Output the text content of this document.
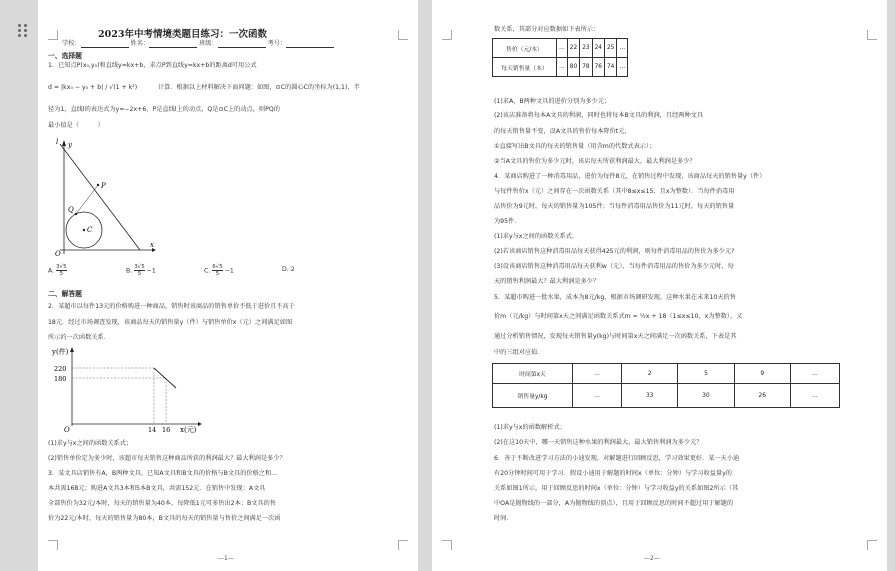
2023年中考情境类题目练习：一次函数
学校：	姓名：	班级：	考号：
一、选择题
1．已知点P(x₀,y₀)和直线y=kx+b，求点P到直线y=kx+b的距离d可用公式
d = |kx₀ − y₀ + b| / √(1 + k²)	计算．根据以上材料解决下面问题：如图，⊙C的圆心C的坐标为(1,1)，半
径为1，直线l的表达式为y=−2x+6，P是直线l上的动点，Q是⊙C上的动点，则PQ的
最小值是（　　　）
l y
x
O
P
Q
C
A. $\frac{3√5}{5}$	B. $\frac{3√5}{5} -1$	C. $\frac{6√5}{5} -1$	D. 2
二、解答题
2．某超市以每件13元的价格购进一种商品，销售时该商品的销售单价不低于进价且不高于
18元．经过市场调查发现，该商品每天的销售量y（件）与销售单价x（元）之间满足如图
所示的一次函数关系．
y(件)
220
180
O	14 16 x(元)
(1)求y与x之间的函数关系式；
(2)销售单价定为多少时，该超市每天销售这种商品所获的利润最大？最大利润是多少？
3．某文具店销售有A，B两种文具，已知A文具和B文具的价格与B文具的价格之和...
本共需168元；购进A文具3本和5本B文具，共需152元．在销售中发现：A文具
全部售价为32元/本时，每天的销售量为40本，每降低1元可多售出2本；B文具的售
价为22元/本时，每天的销售量为80本，B文具的每天的销售量与售价之间满足一次函
—1—
数关系，其部分对应数据如下表所示：
售价（元/本）	…	22	23	24	25	…
每天销售量（本）	…	80	78	76	74	…
(1)求A，B两种文具的进价分别为多少元；
(2)该店准备将每本A文具的利润，同时也将每本B文具的利润，且经两种文具
的每天销售量不变，设A文具的售价每本降价t元，
①直接写出B文具的每天的销售量（用含m的代数式表示）；
②当A文具的售价为多少元时，该店每天所获利润最大，最大利润是多少？
4．某商店购进了一种消毒用品，进价为每件8元，在销售过程中发现，该商品每天的销售量y（件）
与每件售价x（元）之间存在一次函数关系（其中8≤x≤15，且x为整数）．当每件消毒用
品售价为9元时，每天的销售量为105件；当每件消毒用品售价为11元时，每天的销售量
为95件．
(1)求y与x之间的函数关系式．
(2)若该商店销售这种消毒用品每天获得425元的利润，则每件消毒用品的售价为多少元?
(3)设该商店销售这种消毒用品每天获利w（元），当每件消毒用品的售价为多少元时，每
天的销售利润最大？最大利润是多少？
5．某超市购进一批水果，成本为8元/kg，根据市场调研发现，这种水果在未来10天的售
价m（元/kg）与时间第x天之间满足函数关系式m = ½x + 18（1≤x≤10，x为整数），又
通过分析销售情况，发现每天销售量y(kg)与时间第x天之间满足一次函数关系，下表是其
中的三组对应值．
时间第x天	…	2	5	9	…
销售量y/kg	…	33	30	26	…
(1)求y与x的函数解析式；
(2)在这10天中，哪一天销售这种水果的利润最大，最大销售利润为多少元？
6．善于不断改进学习方法的小迪发现，对解题进行回顾反思，学习效果更好．某一天小迪
有20分钟时间可用于学习．假设小迪用于解题的时间x（单位：分钟）与学习收益量y的
关系如图1所示，用于回顾反思的时间x（单位：分钟）与学习收益y的关系如图2所示（其
中OA是抛物线的一部分，A为抛物线的顶点），且用于回顾反思的时间不超过用于解题的
时间．
—2—
